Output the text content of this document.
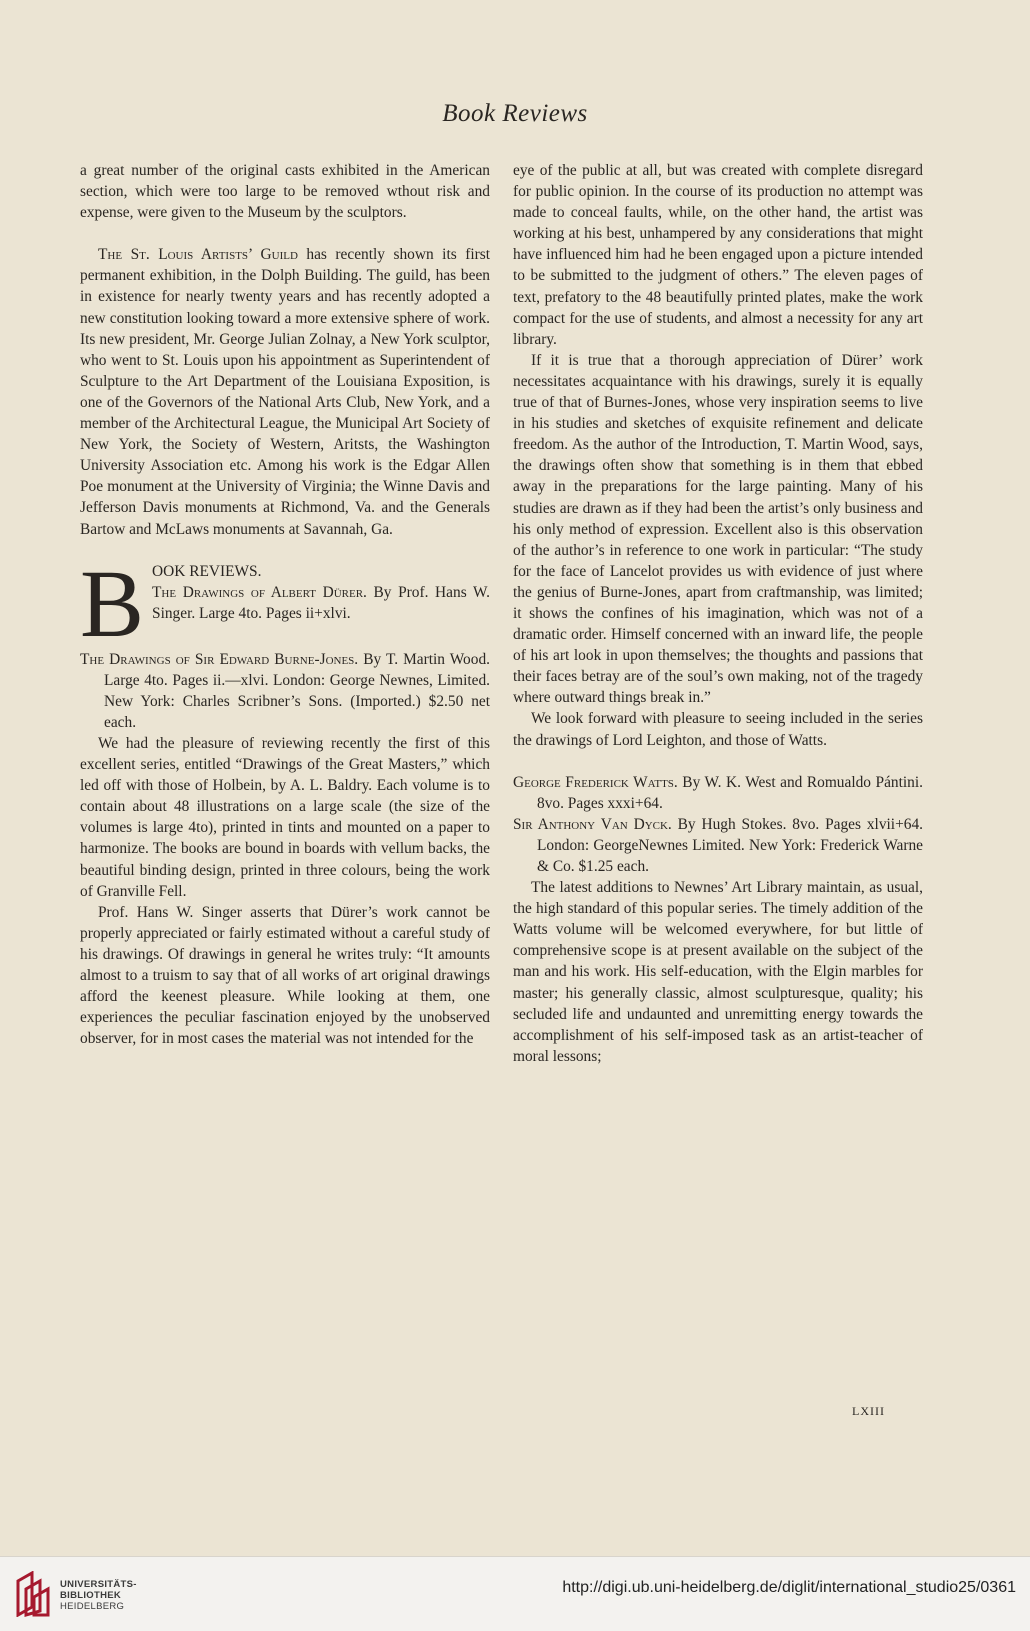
Book Reviews

a great number of the original casts exhibited in the American section, which were too large to be removed wthout risk and expense, were given to the Museum by the sculptors.

The St. Louis Artists’ Guild has recently shown its first permanent exhibition, in the Dolph Building. The guild, has been in existence for nearly twenty years and has recently adopted a new constitution looking toward a more extensive sphere of work. Its new president, Mr. George Julian Zolnay, a New York sculptor, who went to St. Louis upon his appointment as Superintendent of Sculpture to the Art Department of the Louisiana Exposition, is one of the Governors of the National Arts Club, New York, and a member of the Architectural League, the Municipal Art Society of New York, the Society of Western, Aritsts, the Washington University Association etc. Among his work is the Edgar Allen Poe monument at the University of Virginia; the Winne Davis and Jefferson Davis monuments at Richmond, Va. and the Generals Bartow and McLaws monuments at Savannah, Ga.

B OOK REVIEWS.

The Drawings of Albert Dürer. By Prof. Hans W. Singer. Large 4to. Pages ii+xlvi.

The Drawings of Sir Edward Burne-Jones. By T. Martin Wood. Large 4to. Pages ii.—xlvi. London: George Newnes, Limited. New York: Charles Scribner’s Sons. (Imported.) $2.50 net each.

We had the pleasure of reviewing recently the first of this excellent series, entitled “Drawings of the Great Masters,” which led off with those of Holbein, by A. L. Baldry. Each volume is to contain about 48 illustrations on a large scale (the size of the volumes is large 4to), printed in tints and mounted on a paper to harmonize. The books are bound in boards with vellum backs, the beautiful binding design, printed in three colours, being the work of Granville Fell.

Prof. Hans W. Singer asserts that Dürer’s work cannot be properly appreciated or fairly estimated without a careful study of his drawings. Of drawings in general he writes truly: “It amounts almost to a truism to say that of all works of art original drawings afford the keenest pleasure. While looking at them, one experiences the peculiar fascination enjoyed by the unobserved observer, for in most cases the material was not intended for the

eye of the public at all, but was created with complete disregard for public opinion. In the course of its production no attempt was made to conceal faults, while, on the other hand, the artist was working at his best, unhampered by any considerations that might have influenced him had he been engaged upon a picture intended to be submitted to the judgment of others.” The eleven pages of text, prefatory to the 48 beautifully printed plates, make the work compact for the use of students, and almost a necessity for any art library.

If it is true that a thorough appreciation of Dürer’ work necessitates acquaintance with his drawings, surely it is equally true of that of Burnes-Jones, whose very inspiration seems to live in his studies and sketches of exquisite refinement and delicate freedom. As the author of the Introduction, T. Martin Wood, says, the drawings often show that something is in them that ebbed away in the preparations for the large painting. Many of his studies are drawn as if they had been the artist’s only business and his only method of expression. Excellent also is this observation of the author’s in reference to one work in particular: “The study for the face of Lancelot provides us with evidence of just where the genius of Burne-Jones, apart from craftmanship, was limited; it shows the confines of his imagination, which was not of a dramatic order. Himself concerned with an inward life, the people of his art look in upon themselves; the thoughts and passions that their faces betray are of the soul’s own making, not of the tragedy where outward things break in.”

We look forward with pleasure to seeing included in the series the drawings of Lord Leighton, and those of Watts.

George Frederick Watts. By W. K. West and Romualdo Pántini. 8vo. Pages xxxi+64.

Sir Anthony Van Dyck. By Hugh Stokes. 8vo. Pages xlvii+64. London: GeorgeNewnes Limited. New York: Frederick Warne & Co. $1.25 each.

The latest additions to Newnes’ Art Library maintain, as usual, the high standard of this popular series. The timely addition of the Watts volume will be welcomed everywhere, for but little of comprehensive scope is at present available on the subject of the man and his work. His self-education, with the Elgin marbles for master; his generally classic, almost sculpturesque, quality; his secluded life and undaunted and unremitting energy towards the accomplishment of his self-imposed task as an artist-teacher of moral lessons;

LXIII
UNIVERSITÄTS-
BIBLIOTHEK
HEIDELBERG
http://digi.ub.uni-heidelberg.de/diglit/international_studio25/0361
